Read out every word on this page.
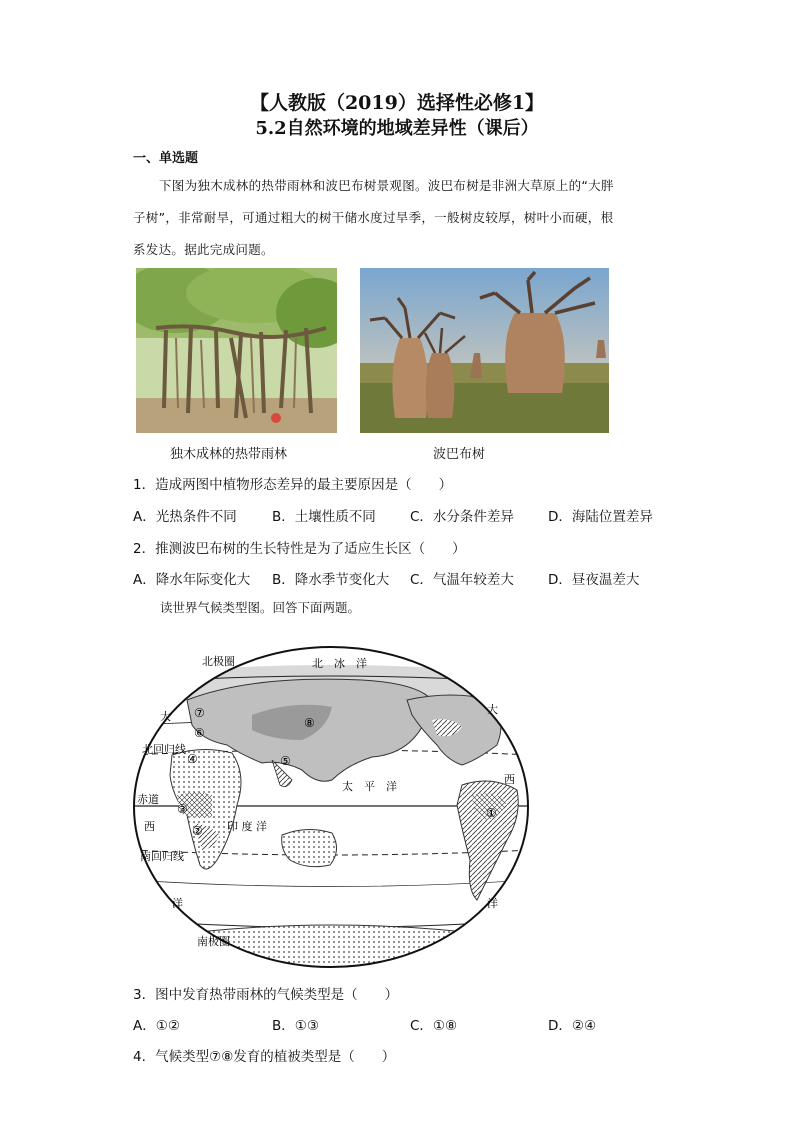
【人教版（2019）选择性必修1】
5.2自然环境的地域差异性（课后）
一、单选题
下图为独木成林的热带雨林和波巴布树景观图。波巴布树是非洲大草原上的“大胖
子树”，非常耐旱，可通过粗大的树干储水度过旱季，一般树皮较厚，树叶小而硬，根
系发达。据此完成问题。
独木成林的热带雨林	波巴布树
1．造成两图中植物形态差异的最主要原因是（　　）
A．光热条件不同	B．土壤性质不同	C．水分条件差异	D．海陆位置差异
2．推测波巴布树的生长特性是为了适应生长区（　　）
A．降水年际变化大 B．降水季节变化大 C．气温年较差大	D．昼夜温差大
读世界气候类型图。回答下面两题。
北极圈	北　冰　洋
北回归线
赤道
南回归线
南极圈
印 度 洋
太　平　洋
大
西
洋
大
西
洋
①
②
③
④	⑤
⑥
⑦
⑧
3．图中发育热带雨林的气候类型是（　　）
A．①②	B．①③	C．①⑧	D．②④
4．气候类型⑦⑧发育的植被类型是（　　）
